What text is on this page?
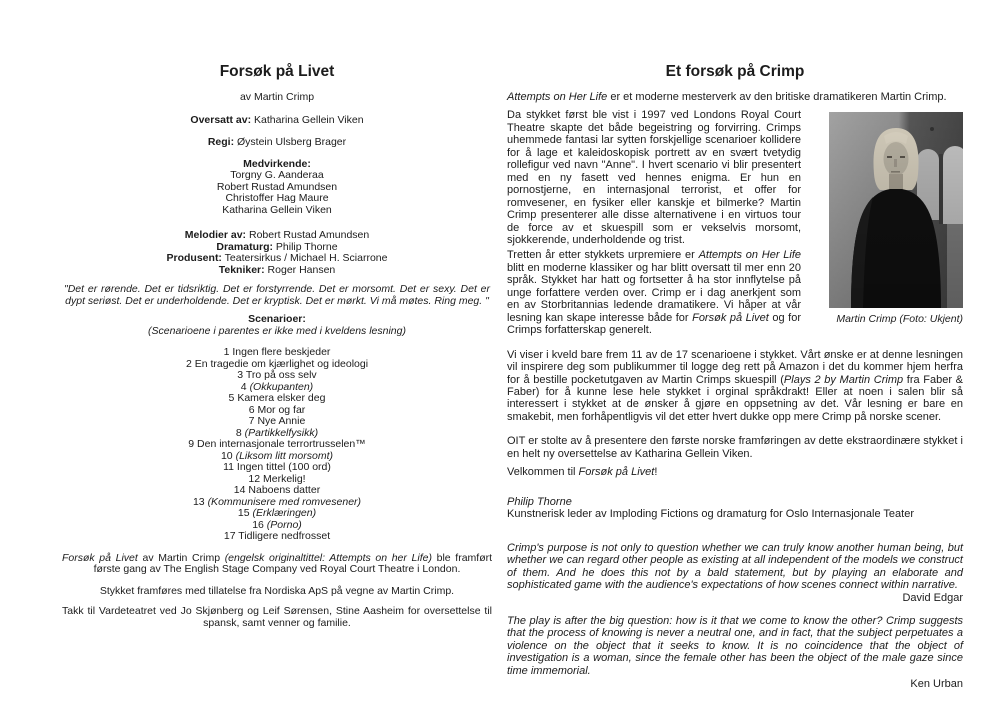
Forsøk på Livet

av Martin Crimp

Oversatt av: Katharina Gellein Viken

Regi: Øystein Ulsberg Brager

Medvirkende:

Torgny G. Aanderaa

Robert Rustad Amundsen

Christoffer Hag Maure

Katharina Gellein Viken

Melodier av: Robert Rustad Amundsen

Dramaturg: Philip Thorne

Produsent: Teatersirkus / Michael H. Sciarrone

Tekniker: Roger Hansen

"Det er rørende. Det er tidsriktig. Det er forstyrrende. Det er morsomt. Det er sexy. Det er dypt seriøst. Det er underholdende. Det er kryptisk. Det er mørkt. Vi må møtes. Ring meg. "

Scenarioer:

(Scenarioene i parentes er ikke med i kveldens lesning)

1 Ingen flere beskjeder

2 En tragedie om kjærlighet og ideologi

3 Tro på oss selv

4 (Okkupanten)

5 Kamera elsker deg

6 Mor og far

7 Nye Annie

8 (Partikkelfysikk)

9 Den internasjonale terrortrusselen™

10 (Liksom litt morsomt)

11 Ingen tittel (100 ord)

12 Merkelig!

14 Naboens datter

13 (Kommunisere med romvesener)

15 (Erklæringen)

16 (Porno)

17 Tidligere nedfrosset

Forsøk på Livet av Martin Crimp (engelsk originaltittel: Attempts on her Life) ble framført første gang av The English Stage Company ved Royal Court Theatre i London.

Stykket framføres med tillatelse fra Nordiska ApS på vegne av Martin Crimp.

Takk til Vardeteatret ved Jo Skjønberg og Leif Sørensen, Stine Aasheim for oversettelse til spansk, samt venner og familie.

Et forsøk på Crimp

Attempts on Her Life er et moderne mesterverk av den britiske dramatikeren Martin Crimp.

Martin Crimp (Foto: Ukjent)

Da stykket først ble vist i 1997 ved Londons Royal Court Theatre skapte det både begeistring og forvirring. Crimps uhemmede fantasi lar sytten forskjellige scenarioer kollidere for å lage et kaleidoskopisk portrett av en svært tvetydig rollefigur ved navn "Anne". I hvert scenario vi blir presentert med en ny fasett ved hennes enigma. Er hun en pornostjerne, en internasjonal terrorist, et offer for romvesener, en fysiker eller kanskje et bilmerke? Martin Crimp presenterer alle disse alternativene i en virtuos tour de force av et skuespill som er vekselvis morsomt, sjokkerende, underholdende og trist.

Tretten år etter stykkets urpremiere er Attempts on Her Life blitt en moderne klassiker og har blitt oversatt til mer enn 20 språk. Stykket har hatt og fortsetter å ha stor innflytelse på unge forfattere verden over. Crimp er i dag anerkjent som en av Storbritannias ledende dramatikere. Vi håper at vår lesning kan skape interesse både for Forsøk på Livet og for Crimps forfatterskap generelt.

Vi viser i kveld bare frem 11 av de 17 scenarioene i stykket. Vårt ønske er at denne lesningen vil inspirere deg som publikummer til logge deg rett på Amazon i det du kommer hjem herfra for å bestille pocketutgaven av Martin Crimps skuespill (Plays 2 by Martin Crimp fra Faber & Faber) for å kunne lese hele stykket i orginal språkdrakt! Eller at noen i salen blir så interessert i stykket at de ønsker å gjøre en oppsetning av det. Vår lesning er bare en smakebit, men forhåpentligvis vil det etter hvert dukke opp mere Crimp på norske scener.

OIT er stolte av å presentere den første norske framføringen av dette ekstraordinære stykket i en helt ny oversettelse av Katharina Gellein Viken.

Velkommen til Forsøk på Livet!

Philip Thorne

Kunstnerisk leder av Imploding Fictions og dramaturg for Oslo Internasjonale Teater

Crimp's purpose is not only to question whether we can truly know another human being, but whether we can regard other people as existing at all independent of the models we construct of them. And he does this not by a bald statement, but by playing an elaborate and sophisticated game with the audience's expectations of how scenes connect within narrative.

David Edgar

The play is after the big question: how is it that we come to know the other? Crimp suggests that the process of knowing is never a neutral one, and in fact, that the subject perpetuates a violence on the object that it seeks to know. It is no coincidence that the object of investigation is a woman, since the female other has been the object of the male gaze since time immemorial.

Ken Urban
